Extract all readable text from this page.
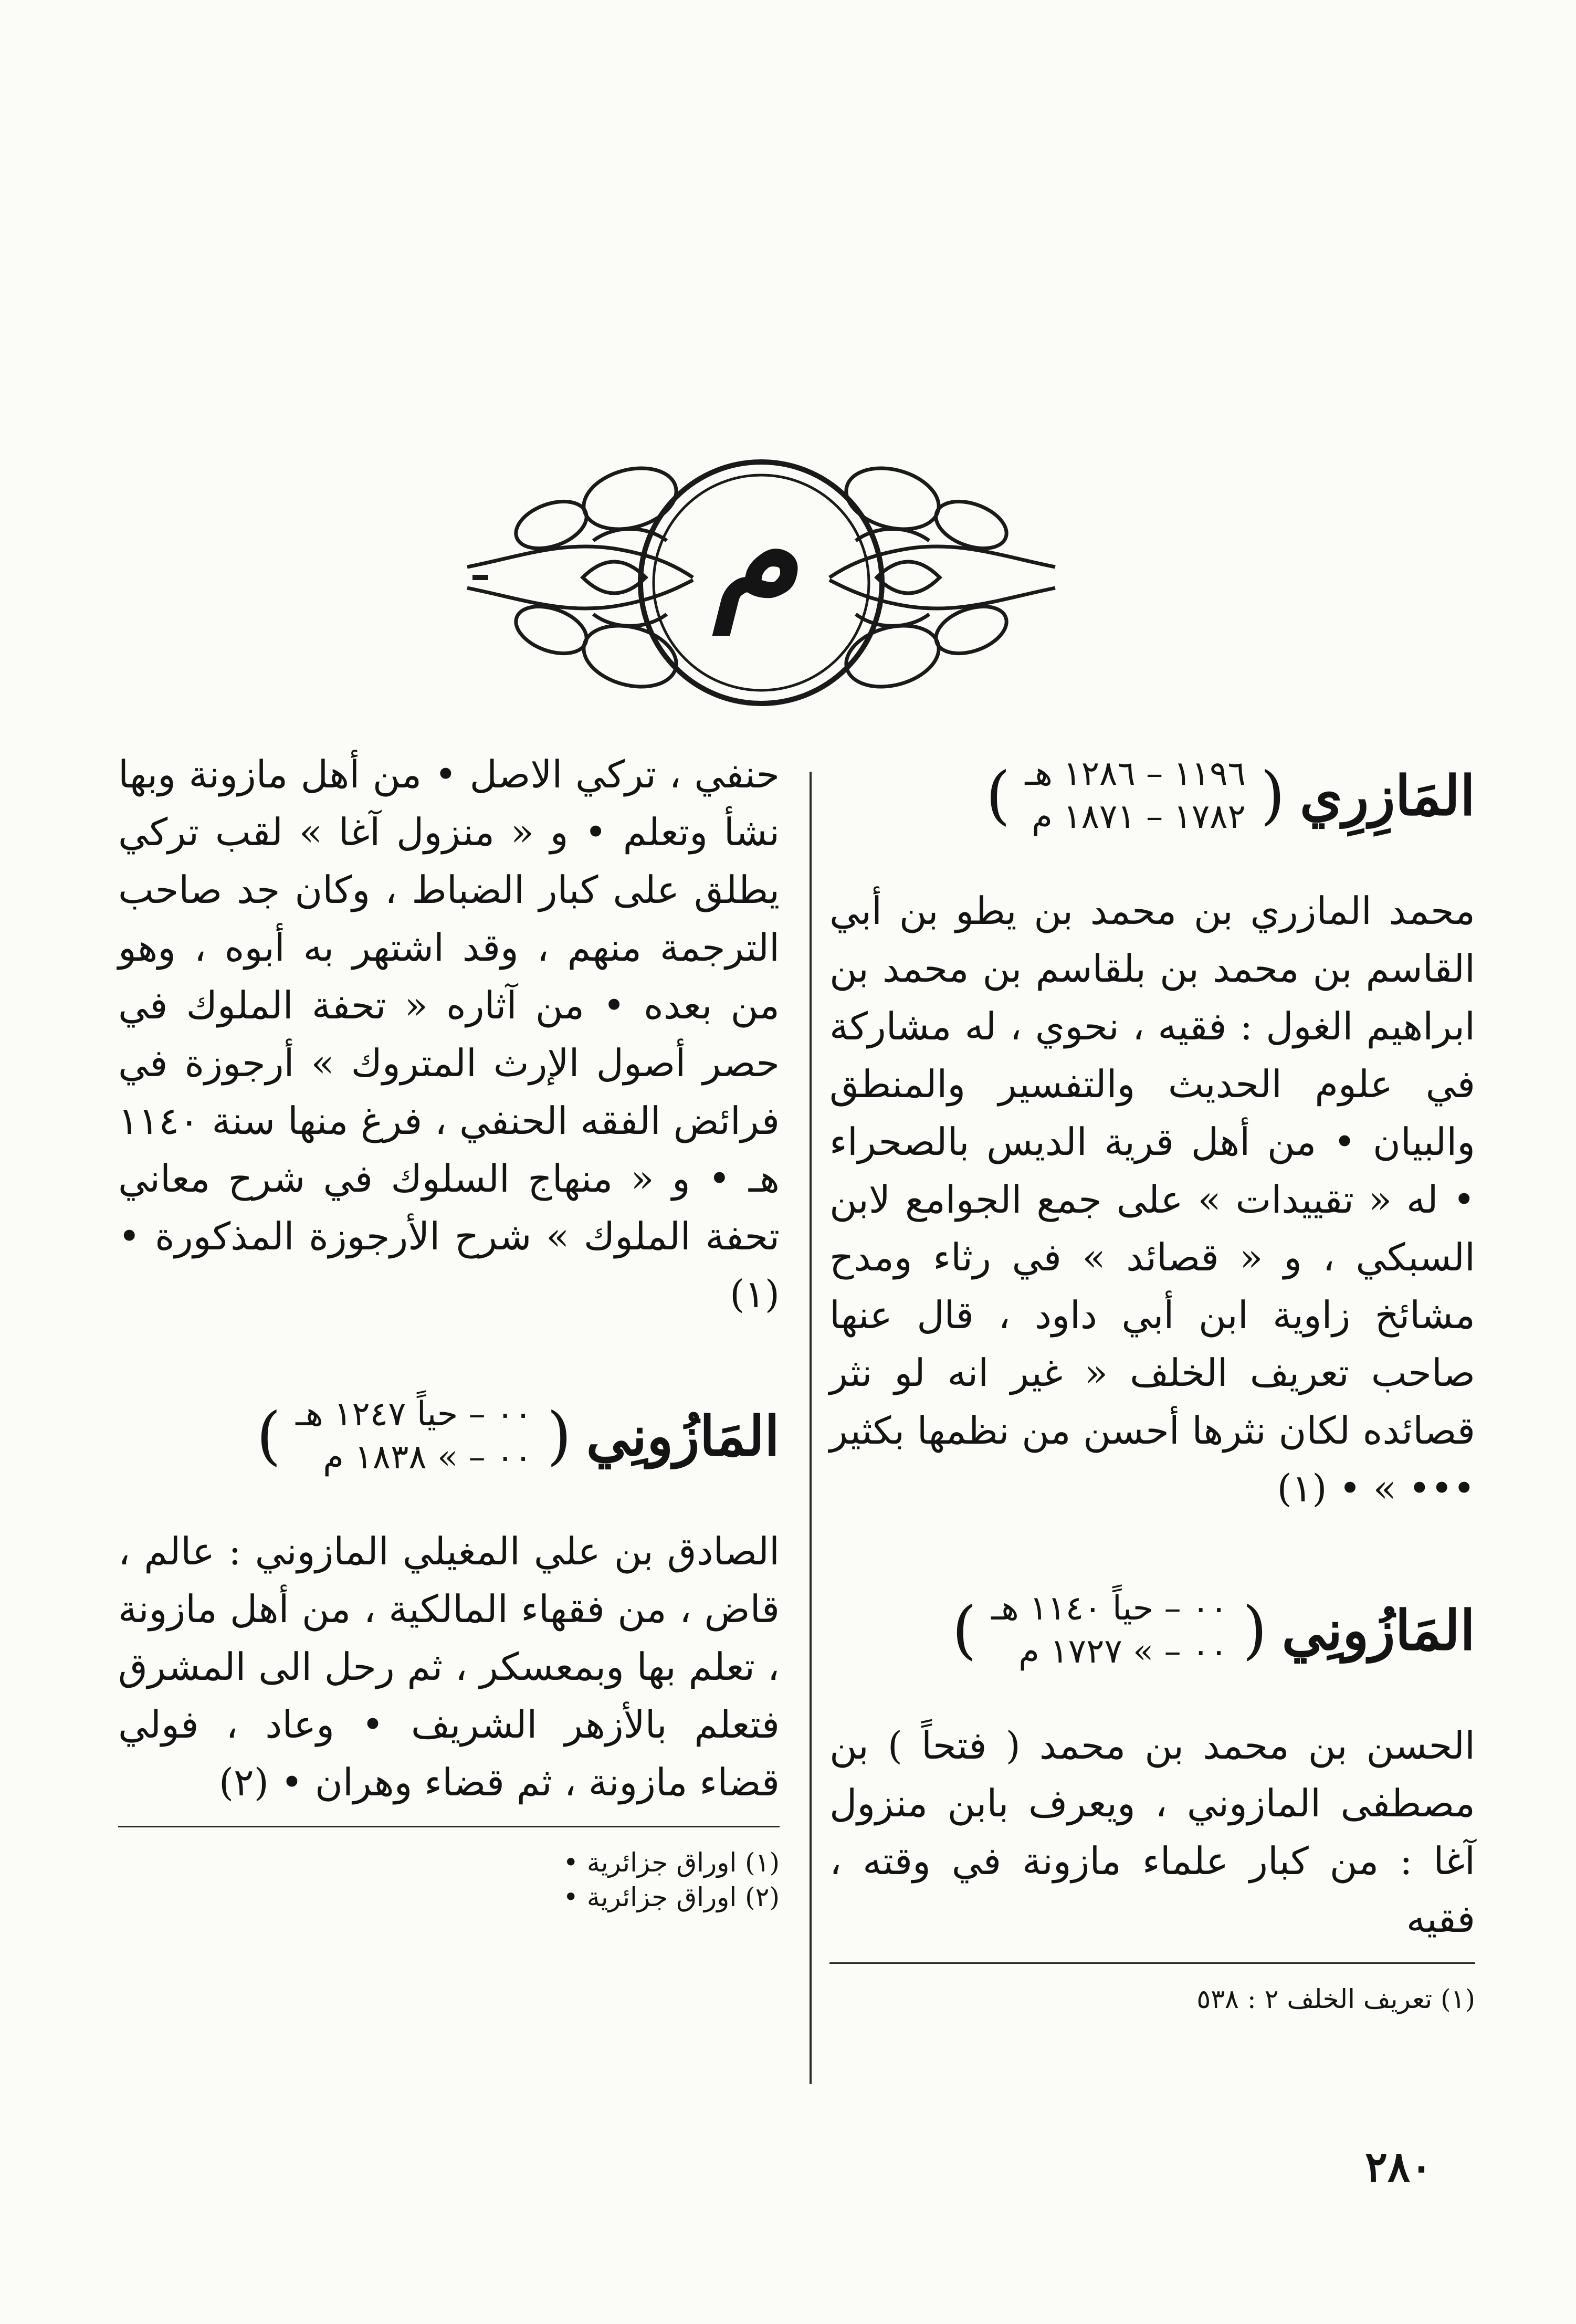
م
المَازِرِي
(
١١٩٦ – ١٢٨٦ هـ
١٧٨٢ – ١٨٧١ م
)

محمد المازري بن محمد بن يطو بن أبي القاسم بن محمد بن بلقاسم بن محمد بن ابراهيم الغول : فقيه ، نحوي ، له مشاركة في علوم الحديث والتفسير والمنطق والبيان • من أهل قرية الديس بالصحراء • له « تقييدات » على جمع الجوامع لابن السبكي ، و « قصائد » في رثاء ومدح مشائخ زاوية ابن أبي داود ، قال عنها صاحب تعريف الخلف « غير انه لو نثر قصائده لكان نثرها أحسن من نظمها بكثير ••• » • (١)

المَازُونِي
(
٠٠ – حياً ١١٤٠ هـ
٠٠ – » ١٧٢٧ م
)

الحسن بن محمد بن محمد ( فتحاً ) بن مصطفى المازوني ، ويعرف بابن منزول آغا : من كبار علماء مازونة في وقته ، فقيه

(١) تعريف الخلف ٢ : ٥٣٨

حنفي ، تركي الاصل • من أهل مازونة وبها نشأ وتعلم • و « منزول آغا » لقب تركي يطلق على كبار الضباط ، وكان جد صاحب الترجمة منهم ، وقد اشتهر به أبوه ، وهو من بعده • من آثاره « تحفة الملوك في حصر أصول الإرث المتروك » أرجوزة في فرائض الفقه الحنفي ، فرغ منها سنة ١١٤٠ هـ • و « منهاج السلوك في شرح معاني تحفة الملوك » شرح الأرجوزة المذكورة • (١)

المَازُونِي
(
٠٠ – حياً ١٢٤٧ هـ
٠٠ – » ١٨٣٨ م
)

الصادق بن علي المغيلي المازوني : عالم ، قاض ، من فقهاء المالكية ، من أهل مازونة ، تعلم بها وبمعسكر ، ثم رحل الى المشرق فتعلم بالأزهر الشريف • وعاد ، فولي قضاء مازونة ، ثم قضاء وهران • (٢)

(١) اوراق جزائرية •

(٢) اوراق جزائرية •

٢٨٠
